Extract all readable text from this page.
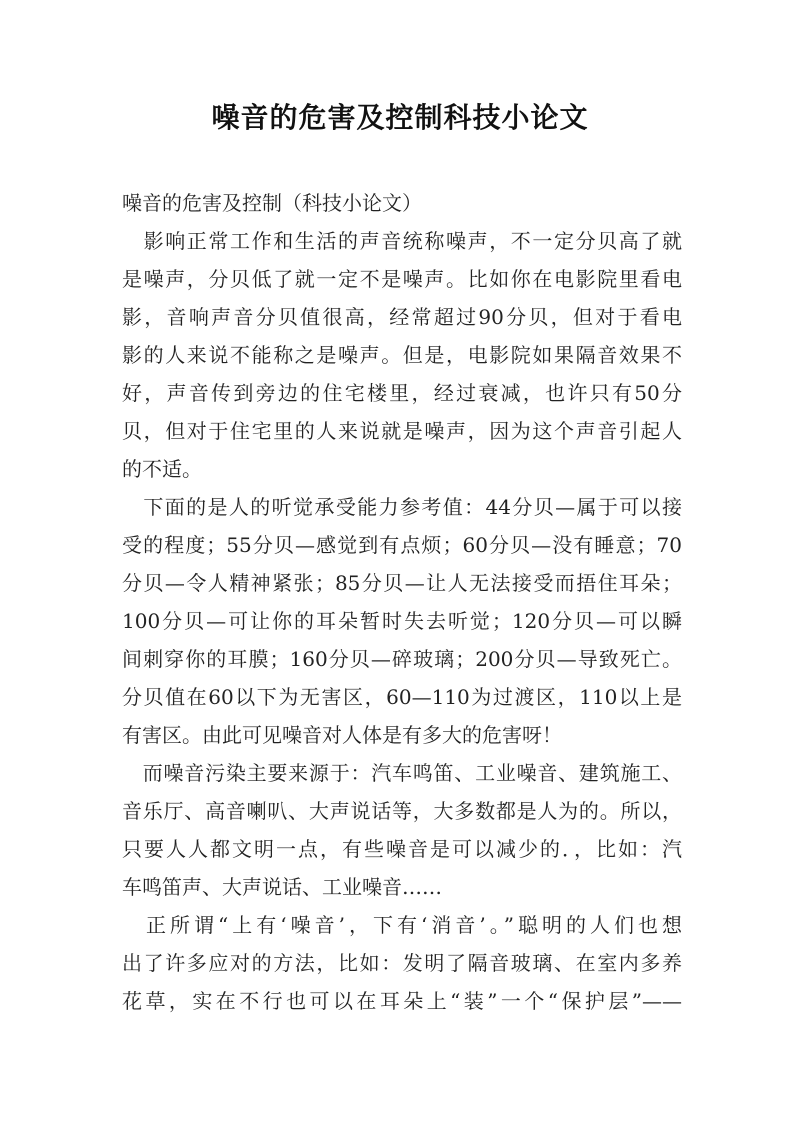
噪音的危害及控制科技小论文
噪音的危害及控制（科技小论文）
　影响正常工作和生活的声音统称噪声，不一定分贝高了就
是噪声，分贝低了就一定不是噪声。比如你在电影院里看电
影，音响声音分贝值很高，经常超过90分贝，但对于看电
影的人来说不能称之是噪声。但是，电影院如果隔音效果不
好，声音传到旁边的住宅楼里，经过衰减，也许只有50分
贝，但对于住宅里的人来说就是噪声，因为这个声音引起人
的不适。
　下面的是人的听觉承受能力参考值：44分贝—属于可以接
受的程度；55分贝—感觉到有点烦；60分贝—没有睡意；70
分贝—令人精神紧张；85分贝—让人无法接受而捂住耳朵；
100分贝—可让你的耳朵暂时失去听觉；120分贝—可以瞬
间刺穿你的耳膜；160分贝—碎玻璃；200分贝—导致死亡。
分贝值在60以下为无害区，60—110为过渡区，110以上是
有害区。由此可见噪音对人体是有多大的危害呀！
　而噪音污染主要来源于：汽车鸣笛、工业噪音、建筑施工、
音乐厅、高音喇叭、大声说话等，大多数都是人为的。所以，
只要人人都文明一点，有些噪音是可以减少的．，比如：汽
车鸣笛声、大声说话、工业噪音……
　正所谓“上有‘噪音’，下有‘消音’。”聪明的人们也想
出了许多应对的方法，比如：发明了隔音玻璃、在室内多养
花草，实在不行也可以在耳朵上“装”一个“保护层”——
